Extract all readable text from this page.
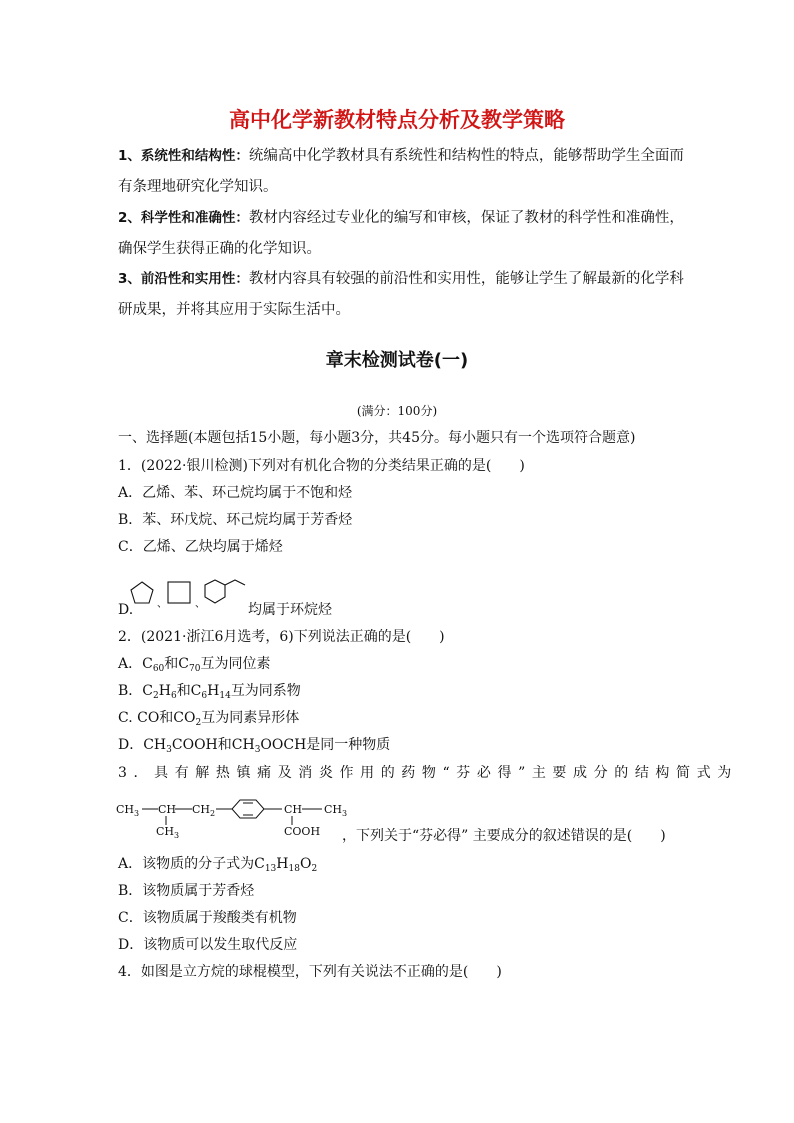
高中化学新教材特点分析及教学策略
1、系统性和结构性：统编高中化学教材具有系统性和结构性的特点，能够帮助学生全面而
有条理地研究化学知识。
2、科学性和准确性：教材内容经过专业化的编写和审核，保证了教材的科学性和准确性，
确保学生获得正确的化学知识。
3、前沿性和实用性：教材内容具有较强的前沿性和实用性，能够让学生了解最新的化学科
研成果，并将其应用于实际生活中。
章末检测试卷(一)
(满分：100分)
一、选择题(本题包括15小题，每小题3分，共45分。每小题只有一个选项符合题意)
1．(2022·银川检测)下列对有机化合物的分类结果正确的是(　　)
A．乙烯、苯、环己烷均属于不饱和烃
B．苯、环戊烷、环己烷均属于芳香烃
C．乙烯、乙炔均属于烯烃
D. 、	、	均属于环烷烃
2．(2021·浙江6月选考，6)下列说法正确的是(　　)
A．$C_{60}$和$C_{70}$互为同位素
B．$C_2H_6$和$C_6H_{14}$互为同系物
C. CO和$CO_2$互为同素异形体
D．$CH_3COOH$和$CH_3OOCH$是同一种物质
3．具有解热镇痛及消炎作用的药物“芬必得”主要成分的结构简式为
$CH_3$ CH $CH_2$	CH $CH_3$
$CH_3$	COOH ，下列关于“芬必得” 主要成分的叙述错误的是(　　)
A．该物质的分子式为$C_{13}H_{18}O_2$
B．该物质属于芳香烃
C．该物质属于羧酸类有机物
D．该物质可以发生取代反应
4．如图是立方烷的球棍模型，下列有关说法不正确的是(　　)
